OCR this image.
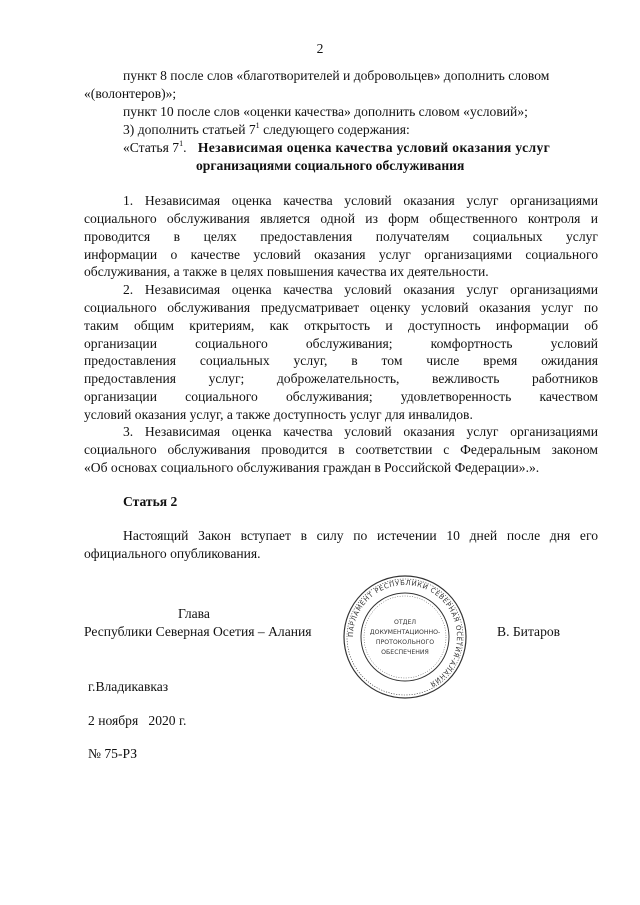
2
пункт 8 после слов «благотворителей и добровольцев» дополнить словом
«(волонтеров)»;
пункт 10 после слов «оценки качества» дополнить словом «условий»;
3) дополнить статьей $7^1$ следующего содержания:
«Статья $7^1$. Независимая оценка качества условий оказания услуг
организациями социального обслуживания
1. Независимая оценка качества условий оказания услуг организациями
социального обслуживания является одной из форм общественного контроля и
проводится в целях предоставления получателям социальных услуг
информации о качестве условий оказания услуг организациями социального
обслуживания, а также в целях повышения качества их деятельности.
2. Независимая оценка качества условий оказания услуг организациями
социального обслуживания предусматривает оценку условий оказания услуг по
таким общим критериям, как открытость и доступность информации об
организации социального обслуживания; комфортность условий
предоставления социальных услуг, в том числе время ожидания
предоставления услуг; доброжелательность, вежливость работников
организации социального обслуживания; удовлетворенность качеством
условий оказания услуг, а также доступность услуг для инвалидов.
3. Независимая оценка качества условий оказания услуг организациями
социального обслуживания проводится в соответствии с Федеральным законом
«Об основах социального обслуживания граждан в Российской Федерации».».
Статья 2
Настоящий Закон вступает в силу по истечении 10 дней после дня его
официального опубликования.
Глава
Республики Северная Осетия – Алания	В. Битаров
ПАРЛАМЕНТ РЕСПУБЛИКИ СЕВЕРНАЯ ОСЕТИЯ-АЛАНИЯ
ОТДЕЛ
ДОКУМЕНТАЦИОННО-
ПРОТОКОЛЬНОГО
ОБЕСПЕЧЕНИЯ
г.Владикавказ
2 ноября   2020 г.
№ 75-РЗ
